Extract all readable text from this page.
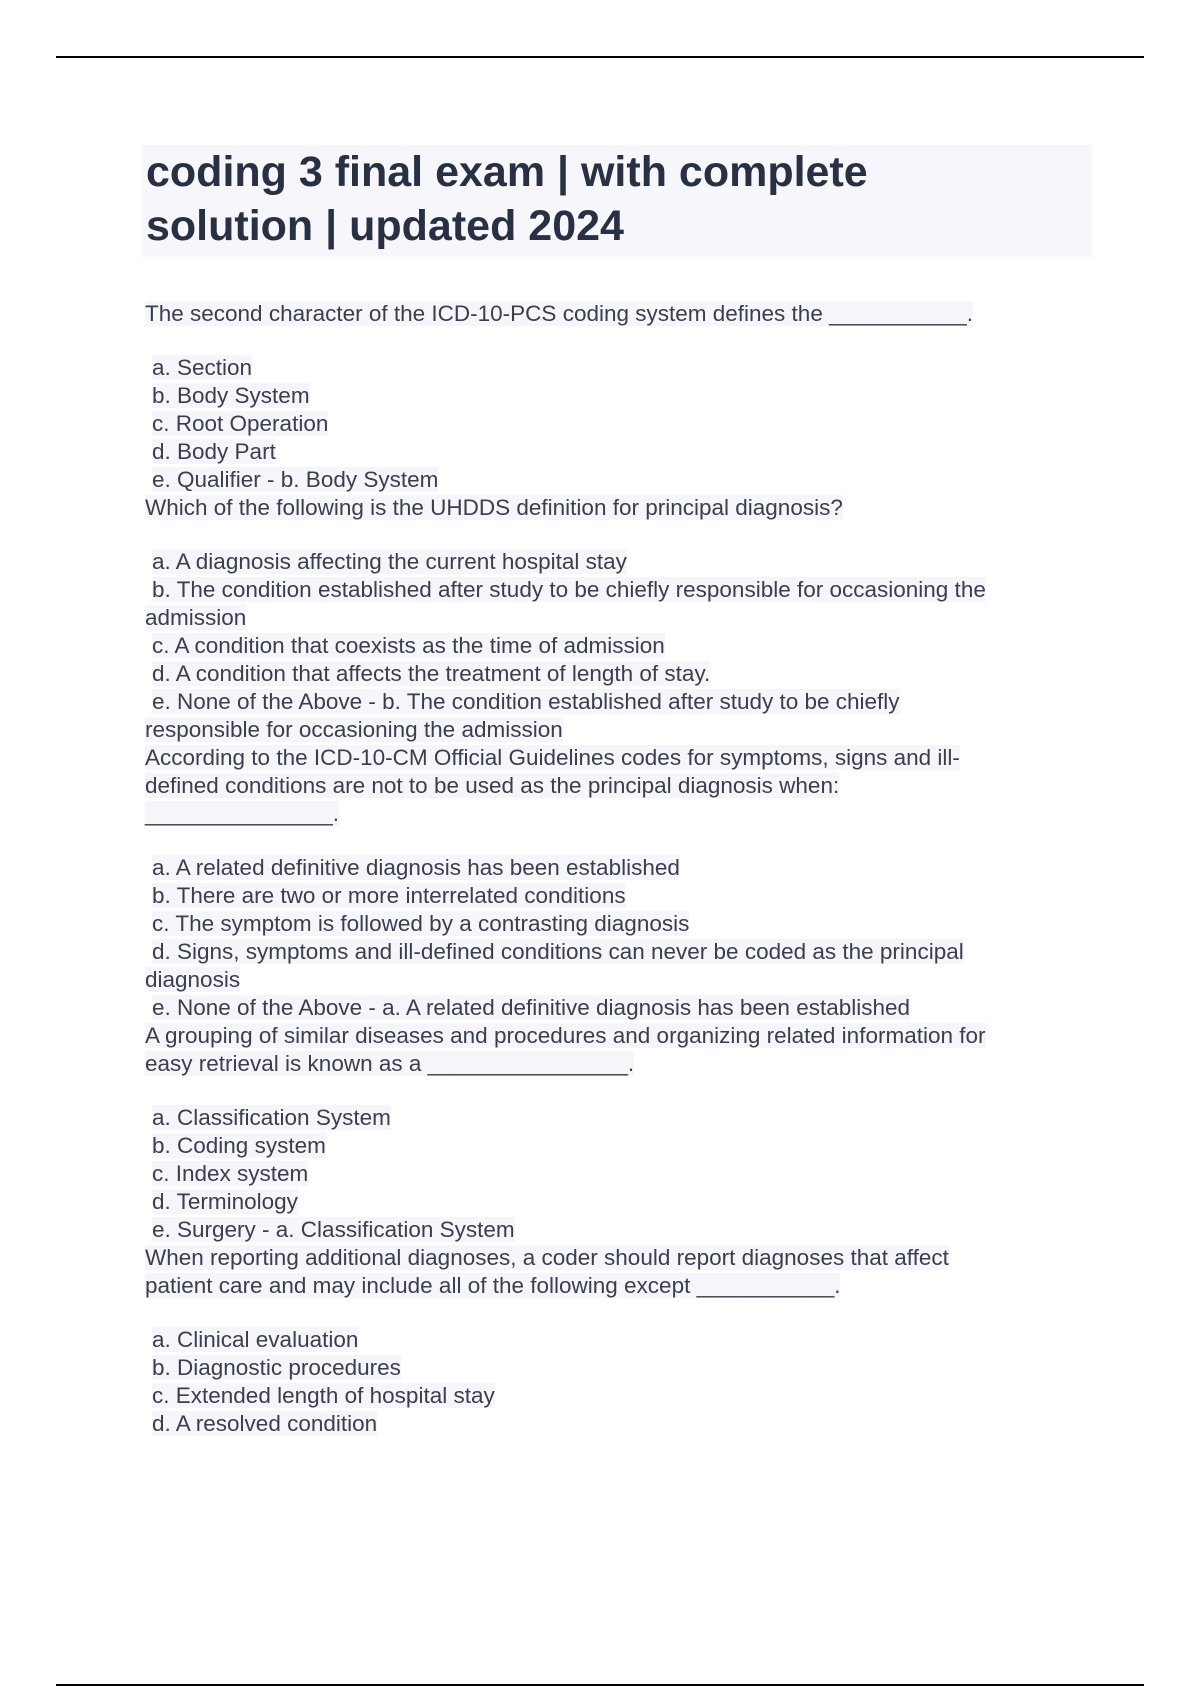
coding 3 final exam | with complete
solution | updated 2024

The second character of the ICD-10-PCS coding system defines the ___________.

a. Section

b. Body System

c. Root Operation

d. Body Part

e. Qualifier - b. Body System

Which of the following is the UHDDS definition for principal diagnosis?

a. A diagnosis affecting the current hospital stay

b. The condition established after study to be chiefly responsible for occasioning the

admission

c. A condition that coexists as the time of admission

d. A condition that affects the treatment of length of stay.

e. None of the Above - b. The condition established after study to be chiefly

responsible for occasioning the admission

According to the ICD-10-CM Official Guidelines codes for symptoms, signs and ill-

defined conditions are not to be used as the principal diagnosis when:

_______________.

a. A related definitive diagnosis has been established

b. There are two or more interrelated conditions

c. The symptom is followed by a contrasting diagnosis

d. Signs, symptoms and ill-defined conditions can never be coded as the principal

diagnosis

e. None of the Above - a. A related definitive diagnosis has been established

A grouping of similar diseases and procedures and organizing related information for

easy retrieval is known as a ________________.

a. Classification System

b. Coding system

c. Index system

d. Terminology

e. Surgery - a. Classification System

When reporting additional diagnoses, a coder should report diagnoses that affect

patient care and may include all of the following except ___________.

a. Clinical evaluation

b. Diagnostic procedures

c. Extended length of hospital stay

d. A resolved condition
